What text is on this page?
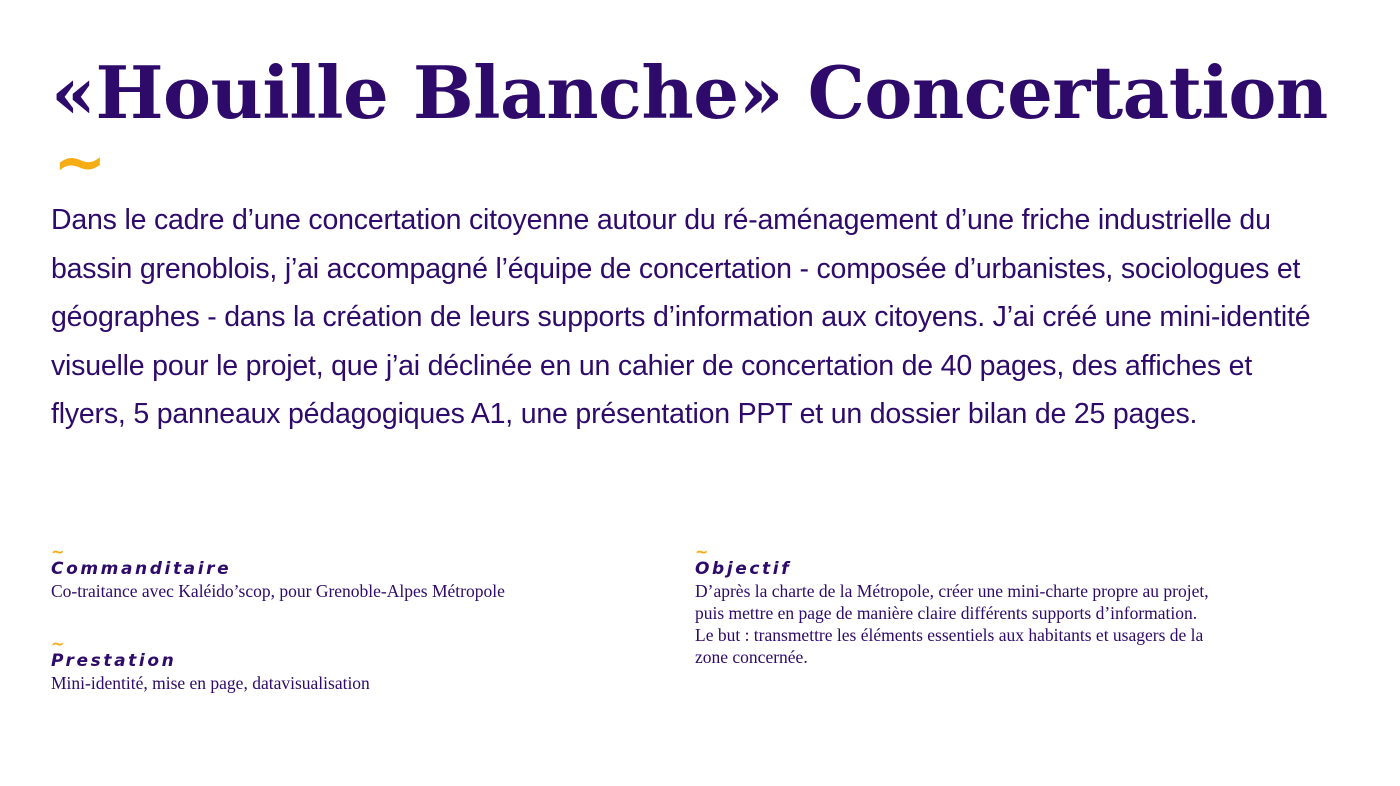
«Houille Blanche» Concertation
~

Dans le cadre d’une concertation citoyenne autour du ré-aménagement d’une friche industrielle du bassin grenoblois, j’ai accompagné l’équipe de concertation - composée d’urbanistes, sociologues et géographes - dans la création de leurs supports d’information aux citoyens. J’ai créé une mini-identité visuelle pour le projet, que j’ai déclinée en un cahier de concertation de 40 pages, des affiches et flyers, 5 panneaux pédagogiques A1, une présentation PPT et un dossier bilan de 25 pages.

~
Commanditaire
Co-traitance avec Kaléido’scop, pour Grenoble-Alpes Métropole
~
Prestation
Mini-identité, mise en page, datavisualisation
~
Objectif
D’après la charte de la Métropole, créer une mini-charte propre au projet, puis mettre en page de manière claire différents supports d’information. Le but : transmettre les éléments essentiels aux habitants et usagers de la zone concernée.
